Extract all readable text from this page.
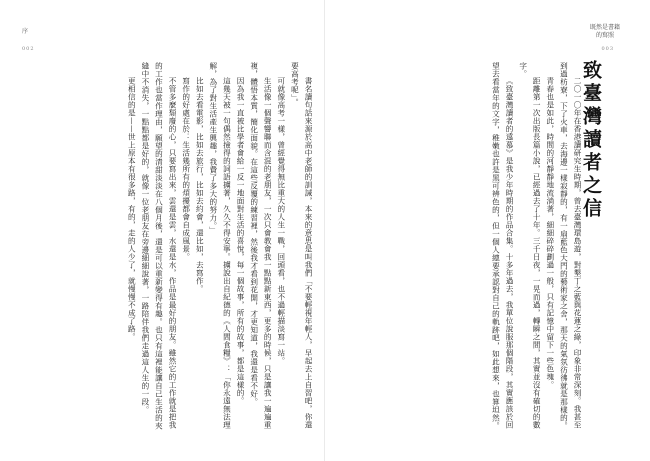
序
002
既然是書籍
的寫照
003
致臺灣讀者之信

二〇一〇年在香港讀研究生時期，曾去臺灣環島遊，對墾丁之藍與花蓮之綠，印象非常深刻。我甚至到過枋寮，下了火車，去海邊一樣寂靜的，有一扇藍色大門的藝術家之舍，那天的氣氛彷彿就是那樣的。

青春也是如此，時間的河靜靜地流淌著，細細碎碎劃過一般，只有記憶中留下一些色塊。

距離第一次出版長篇小說，已經過去了十年。三千日夜，一晃而過，轉瞬之間，其實並沒有確切的數字。

《致臺灣讀者的遠慕》是我少年時期的作品合集。十多年過去，我單位說服那個階段，其實應該於回望去看當年的文字，稚嫩也許是黑可辨色的，但一個人總要承認對自己的軌跡吧，如此想來，也算坦然。

書名讀句話來源於高中老師的訓誡，本來的意思是叫我們「不要輕視年輕人，早起去上自習吧，你還要高考呢」。

可就像高考一樣，曾經覺得無比重大的人生一戰，回頭看，也不過輕描淡寫一站。

生活像一個聲響聯而含混的老朋友，一次只會教會我一點點新東西，更多的時候，只是讓我一遍遍重複，體悟本質，簡化面貌。在這些反覆的練習裡，然後我才看到花開，才更知道，我還是看不好。

因為我一直被比學者會給一反一地面對生活的喜悅，每一個故事，所有的故事，都是這樣的。

這幾天被一句偶然撿得的詞語擄著，久久不得安寧。擄說出自紀德的《人間食糧》：「你永遠無法理解，為了對生活產生興趣，我費了多大的努力。」

比如去看電影，比如去旅行，比如去約會，還比如，去寫作。

寫作的好處在於：生活幾所有的煩擾都會自成風景。

不管多麼頹廢的心，只要寫出來，雲還是雲，水還是水，作品是最好的朋友。雖然它的工作就是把我的工作也當作理由，願望的清甜淡淡在八個月後，還是可以重新變得有趣。也只有這裡能讓自己生活的夾縫中不消失，一點點都是好的，就像一位老朋友在旁邊細細說著，一路陪伴我們走過這人生的一段。

更相信的是——世上原本有很多路，有的，走的人少了，就慢慢不成了路。
